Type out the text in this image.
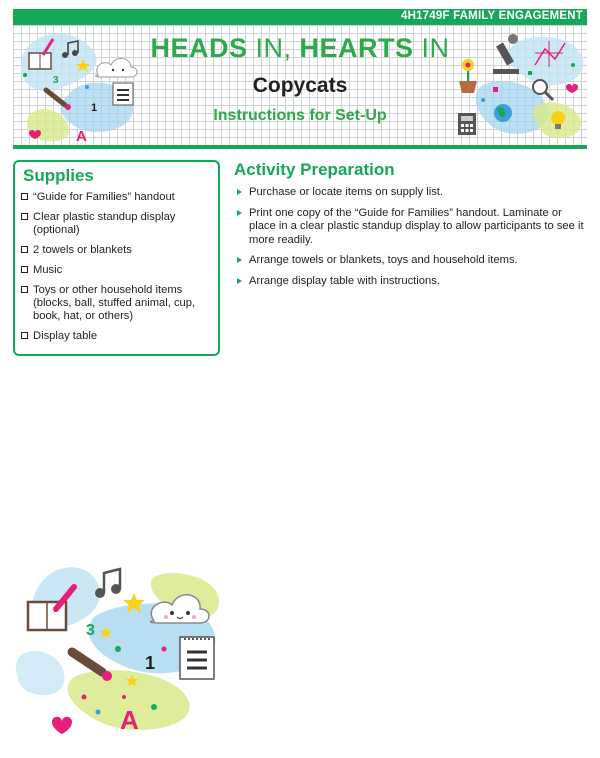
4H1749F FAMILY ENGAGEMENT
3
1
A
HEADS IN, HEARTS IN
Copycats
Instructions for Set-Up
Supplies
“Guide for Families” handout
Clear plastic standup display (optional)
2 towels or blankets
Music
Toys or other household items (blocks, ball, stuffed animal, cup, book, hat, or others)
Display table
Activity Preparation
Purchase or locate items on supply list.
Print one copy of the “Guide for Families” handout. Laminate or place in a clear plastic standup display to allow participants to see it more readily.
Arrange towels or blankets, toys and household items.
Arrange display table with instructions.
3
1
A
